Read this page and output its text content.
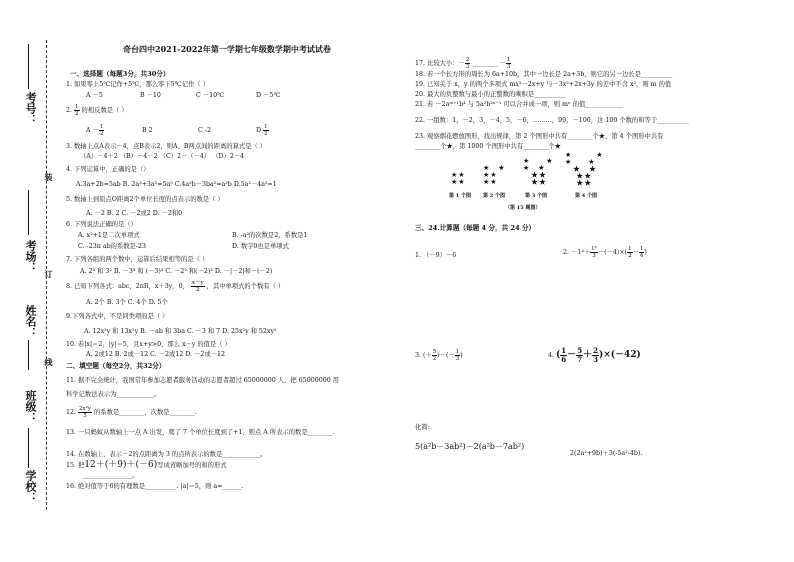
考号：
装
考场：
订
姓名：
线
班级：
学校：
奇台四中2021-2022年第一学期七年级数学期中考试试卷
一、选择题（每题3分，共30分）
1. 如果零上5℃记作+5℃，那么零下5℃记作（ ）
A －5	B －10	C －10℃	D －5℃
2. $\frac{1}{2}$ 的相反数是（ ）
$A - \frac{1}{2}$	B 2	C -2	D $\frac{1}{2}$
3. 数轴上点A表示－4，点B表示2，则A、B两点间的距离的算式是（ ）
（A）－4＋2 （B）－4－2 （C）2－（－4） （D）2－4
4. 下列运算中，正确的是（）
A.3a+2b=5ab B. 2a³+3a²=5a⁵ C.4a²b－3ba²=a²b D.5a²－4a²=1
5. 数轴上到原点O距离2个单位长度的点表示的数是（ ）
A. －2 B. 2 C. －2或2 D. －2和0
6. 下列说法正确的是（）
A. x²+1是二次单项式	B. -a²的次数是2，系数是1
C. -23π ab的系数是-23	D. 数字0也是单项式
7. 下列各组的两个数中，运算后结果相等的是（ ）
A. 2³ 和 3² B. －3³ 和 (－3)³ C. －2² 和(－2)² D. －|－2|和－(－2)
8. 已知下列各式：abc，2πR，x＋3y，0， $\frac{x-y}{2}$ ，其中单项式的个数有（ ）
A. 2个 B. 3个 C. 4个 D. 5个
9.下列各式中，不是同类项的是（ ）
A. 12x²y 和 13x²y B. －ab 和 3ba C. －3 和 7 D. 25x²y 和 52xy²
10. 若|x|＝2，|y|＝5，且x+y>0，那么 x－y 的值是（ ）
A. 2或12 B. 2或－12 C. －2或12 D. －2或－12
二、填空题（每空2分，共32分）
11. 据不完全统计，我国常年参加志愿者服务活动的志愿者超过 65000000 人，把 65000000 用
科学记数法表示为____________。
12. $\frac{\text{2x²y}}{5}$ 的系数是________，次数是________.
13. 一只蚂蚁从数轴上一点 A 出发，爬了 7 个单位长度到了+1，则点 A 所表示的数是________.
14. 在数轴上，表示－2的点距离为 3 的点所表示的数是____________。
15. 把12＋(＋9)＋(－6)写成省略加号的和的形式
________________。
16. 绝对值等于6的有理数是__________. |a|＝5，则 a=______.
17. 比较大小：－ $\frac{2}{3}$ ________ － $\frac{1}{3}$
18. 若一个长方形的周长为 6a+10b，其中一边长是 2a+3b，则它的另一边长是__________
19. 已知关于 x，y 的两个多项式 mx²－2x+y 与－3x²+2x+3y 的差中不含 x²，则 m 的值
20. 最大的负整数与最小的正整数的乘积是__________
21. 若 －2aᵐ⁺¹b⁴ 与 5a²b²ⁿ⁻¹ 可以合并成一项，则 mⁿ 的值____________
22. 一组数：1，－2，3，－4，5，－6，………，99，－100，这 100 个数的和等于__________
23. 观察烟花燃放图形，找出规律，第 2 个图形中共有________个★，第 4 个图形中共有
________个★，第 1000 个图形中共有________个★
★★
★★
★　★
★★
★★
★　　★
★　★
　★★
　★★
★　　　★
★　　★
　★　★
　 ★★
　 ★★
第 1 个图 第 2 个图	第 3 个图	第 4 个图
（第 15 题图）
三、24.计算题（每题 4 分，共 24 分）
1. （－9）－6	2. $-1^4+ \frac{\text{1²}}{3} -(-4)\times( \frac{1}{2} - \frac{1}{4}$ )
3. (＋ $\frac{5}{2}$ )－(－ $\frac{1}{3}$ )	4. ( $\frac{1}{6} - \frac{5}{7} + \frac{2}{3} )\times(-42)$
化简:
5(a²b－3ab²)－2(a²b－7ab²)
2(2a²+9b)＋3(-5a²-4b).
